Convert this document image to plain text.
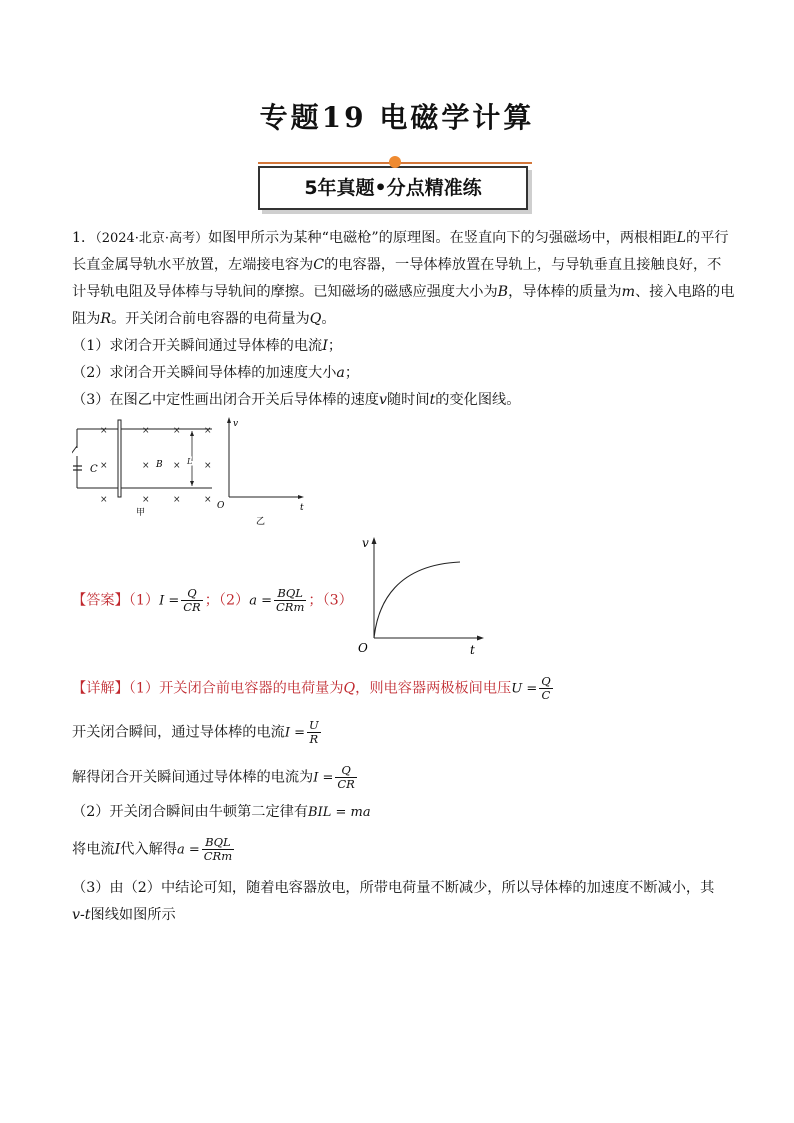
专题19 电磁学计算
5年真题•分点精准练
1．（2024·北京·高考）如图甲所示为某种“电磁枪”的原理图。在竖直向下的匀强磁场中，两根相距L的平行
长直金属导轨水平放置，左端接电容为C的电容器，一导体棒放置在导轨上，与导轨垂直且接触良好，不
计导轨电阻及导体棒与导轨间的摩擦。已知磁场的磁感应强度大小为B，导体棒的质量为m、接入电路的电
阻为R。开关闭合前电容器的电荷量为Q。
（1）求闭合开关瞬间通过导体棒的电流I；
（2）求闭合开关瞬间导体棒的加速度大小a；
（3）在图乙中定性画出闭合开关后导体棒的速度v随时间t的变化图线。
C
×	×	×	×
×	×	×	×
×	×	×	×
B	L
甲
v
t
O
乙
【答案】$(1)I = \frac{Q}{CR}$ ；$(2)a = \frac{\text{BQL}}{\text{CRm}}$ ；（3）
v
t
O
【详解】（1）开关闭合前电容器的电荷量为Q，则电容器两极板间电压$U = \frac{Q}{C}$
开关闭合瞬间，通过导体棒的电流$I = \frac{U}{R}$
解得闭合开关瞬间通过导体棒的电流为$I = \frac{Q}{CR}$
（2）开关闭合瞬间由牛顿第二定律有BIL = ma
将电流I代入解得$a = \frac{\text{BQL}}{\text{CRm}}$
（3）由（2）中结论可知，随着电容器放电，所带电荷量不断减少，所以导体棒的加速度不断减小，其
v-t图线如图所示
